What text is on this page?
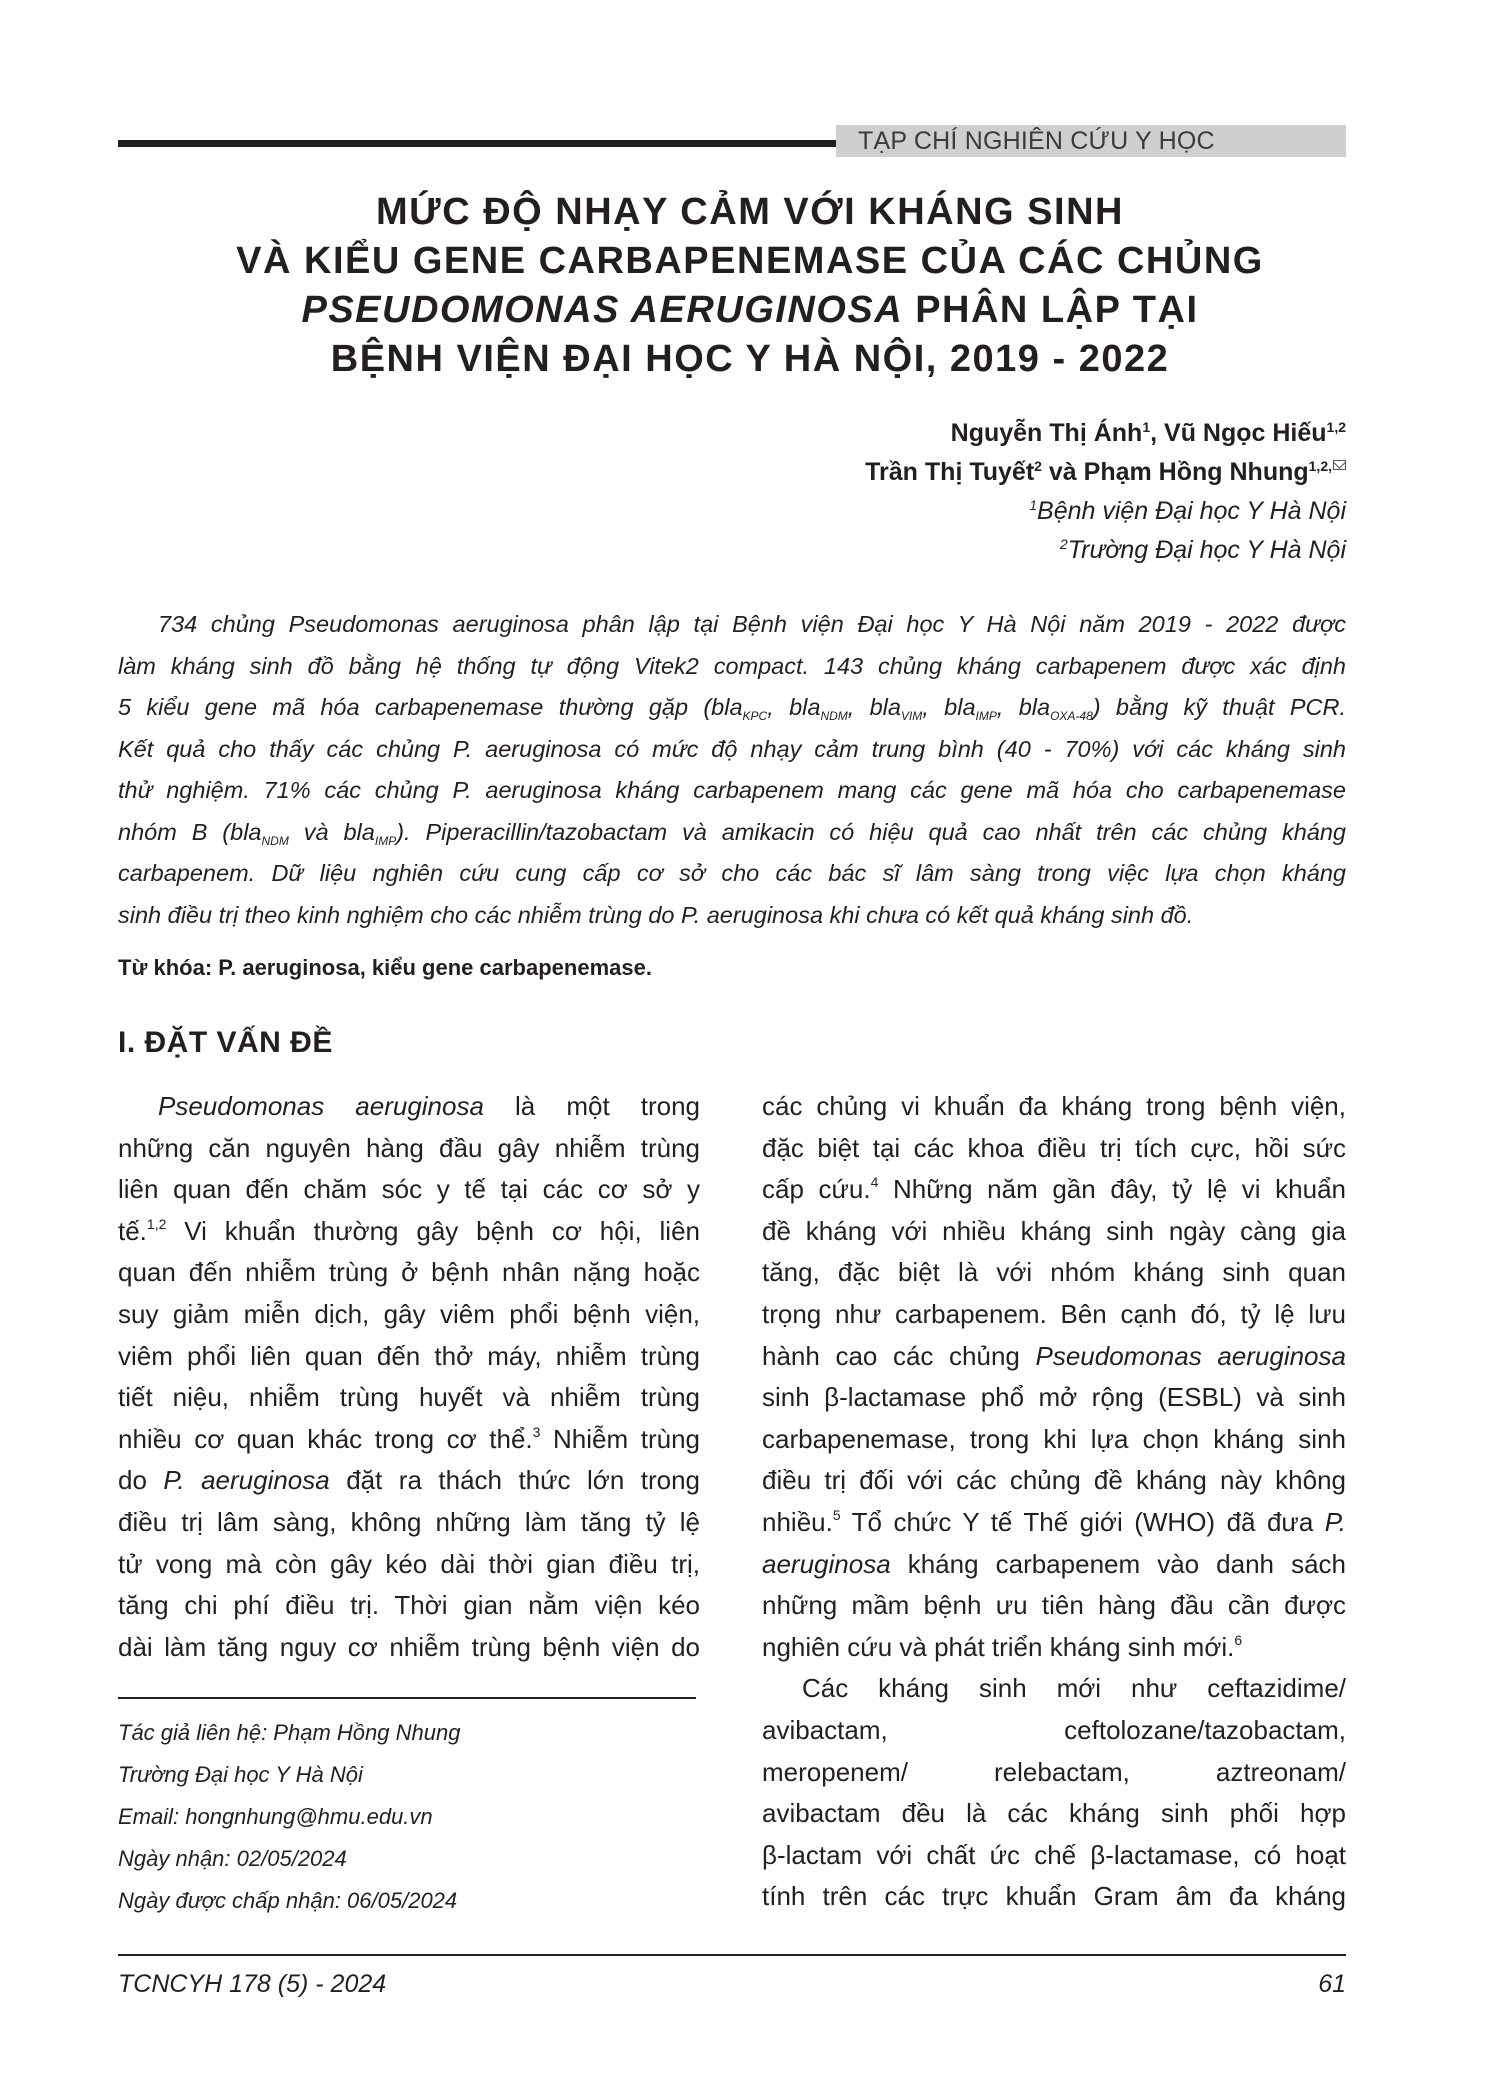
TẠP CHÍ NGHIÊN CỨU Y HỌC
MỨC ĐỘ NHẠY CẢM VỚI KHÁNG SINH
VÀ KIỂU GENE CARBAPENEMASE CỦA CÁC CHỦNG
PSEUDOMONAS AERUGINOSA PHÂN LẬP TẠI
BỆNH VIỆN ĐẠI HỌC Y HÀ NỘI, 2019 - 2022
Nguyễn Thị Ánh$^1$, Vũ Ngọc Hiếu$^{1,2}$
Trần Thị Tuyết$^2$ và Phạm Hồng Nhung$^{1,2,}$
$^1$Bệnh viện Đại học Y Hà Nội
$^2$Trường Đại học Y Hà Nội
734 chủng Pseudomonas aeruginosa phân lập tại Bệnh viện Đại học Y Hà Nội năm 2019 - 2022 được
làm kháng sinh đồ bằng hệ thống tự động Vitek2 compact. 143 chủng kháng carbapenem được xác định
5 kiểu gene mã hóa carbapenemase thường gặp (bla$_{KPC}$, bla$_{NDM}$, bla$_{VIM}$, bla$_{IMP}$, bla$_{OXA-48}$) bằng kỹ thuật PCR.
Kết quả cho thấy các chủng P. aeruginosa có mức độ nhạy cảm trung bình (40 - 70%) với các kháng sinh
thử nghiệm. 71% các chủng P. aeruginosa kháng carbapenem mang các gene mã hóa cho carbapenemase
nhóm B (bla$_{NDM}$ và bla$_{IMP}$). Piperacillin/tazobactam và amikacin có hiệu quả cao nhất trên các chủng kháng
carbapenem. Dữ liệu nghiên cứu cung cấp cơ sở cho các bác sĩ lâm sàng trong việc lựa chọn kháng
sinh điều trị theo kinh nghiệm cho các nhiễm trùng do P. aeruginosa khi chưa có kết quả kháng sinh đồ.
Từ khóa: P. aeruginosa, kiểu gene carbapenemase.
I. ĐẶT VẤN ĐỀ
Pseudomonas aeruginosa là một trong
những căn nguyên hàng đầu gây nhiễm trùng
liên quan đến chăm sóc y tế tại các cơ sở y
tế.$^{1,2}$ Vi khuẩn thường gây bệnh cơ hội, liên
quan đến nhiễm trùng ở bệnh nhân nặng hoặc
suy giảm miễn dịch, gây viêm phổi bệnh viện,
viêm phổi liên quan đến thở máy, nhiễm trùng
tiết niệu, nhiễm trùng huyết và nhiễm trùng
nhiều cơ quan khác trong cơ thể.$^3$ Nhiễm trùng
do P. aeruginosa đặt ra thách thức lớn trong
điều trị lâm sàng, không những làm tăng tỷ lệ
tử vong mà còn gây kéo dài thời gian điều trị,
tăng chi phí điều trị. Thời gian nằm viện kéo
dài làm tăng nguy cơ nhiễm trùng bệnh viện do
Tác giả liên hệ: Phạm Hồng Nhung
Trường Đại học Y Hà Nội
Email: hongnhung@hmu.edu.vn
Ngày nhận: 02/05/2024
Ngày được chấp nhận: 06/05/2024
các chủng vi khuẩn đa kháng trong bệnh viện,
đặc biệt tại các khoa điều trị tích cực, hồi sức
cấp cứu.$^4$ Những năm gần đây, tỷ lệ vi khuẩn
đề kháng với nhiều kháng sinh ngày càng gia
tăng, đặc biệt là với nhóm kháng sinh quan
trọng như carbapenem. Bên cạnh đó, tỷ lệ lưu
hành cao các chủng Pseudomonas aeruginosa
sinh β-lactamase phổ mở rộng (ESBL) và sinh
carbapenemase, trong khi lựa chọn kháng sinh
điều trị đối với các chủng đề kháng này không
nhiều.$^5$ Tổ chức Y tế Thế giới (WHO) đã đưa P.
aeruginosa kháng carbapenem vào danh sách
những mầm bệnh ưu tiên hàng đầu cần được
nghiên cứu và phát triển kháng sinh mới.$^6$
Các kháng sinh mới như ceftazidime/
avibactam, ceftolozane/tazobactam,
meropenem/ relebactam, aztreonam/
avibactam đều là các kháng sinh phối hợp
β-lactam với chất ức chế β-lactamase, có hoạt
tính trên các trực khuẩn Gram âm đa kháng
TCNCYH 178 (5) - 2024	61
